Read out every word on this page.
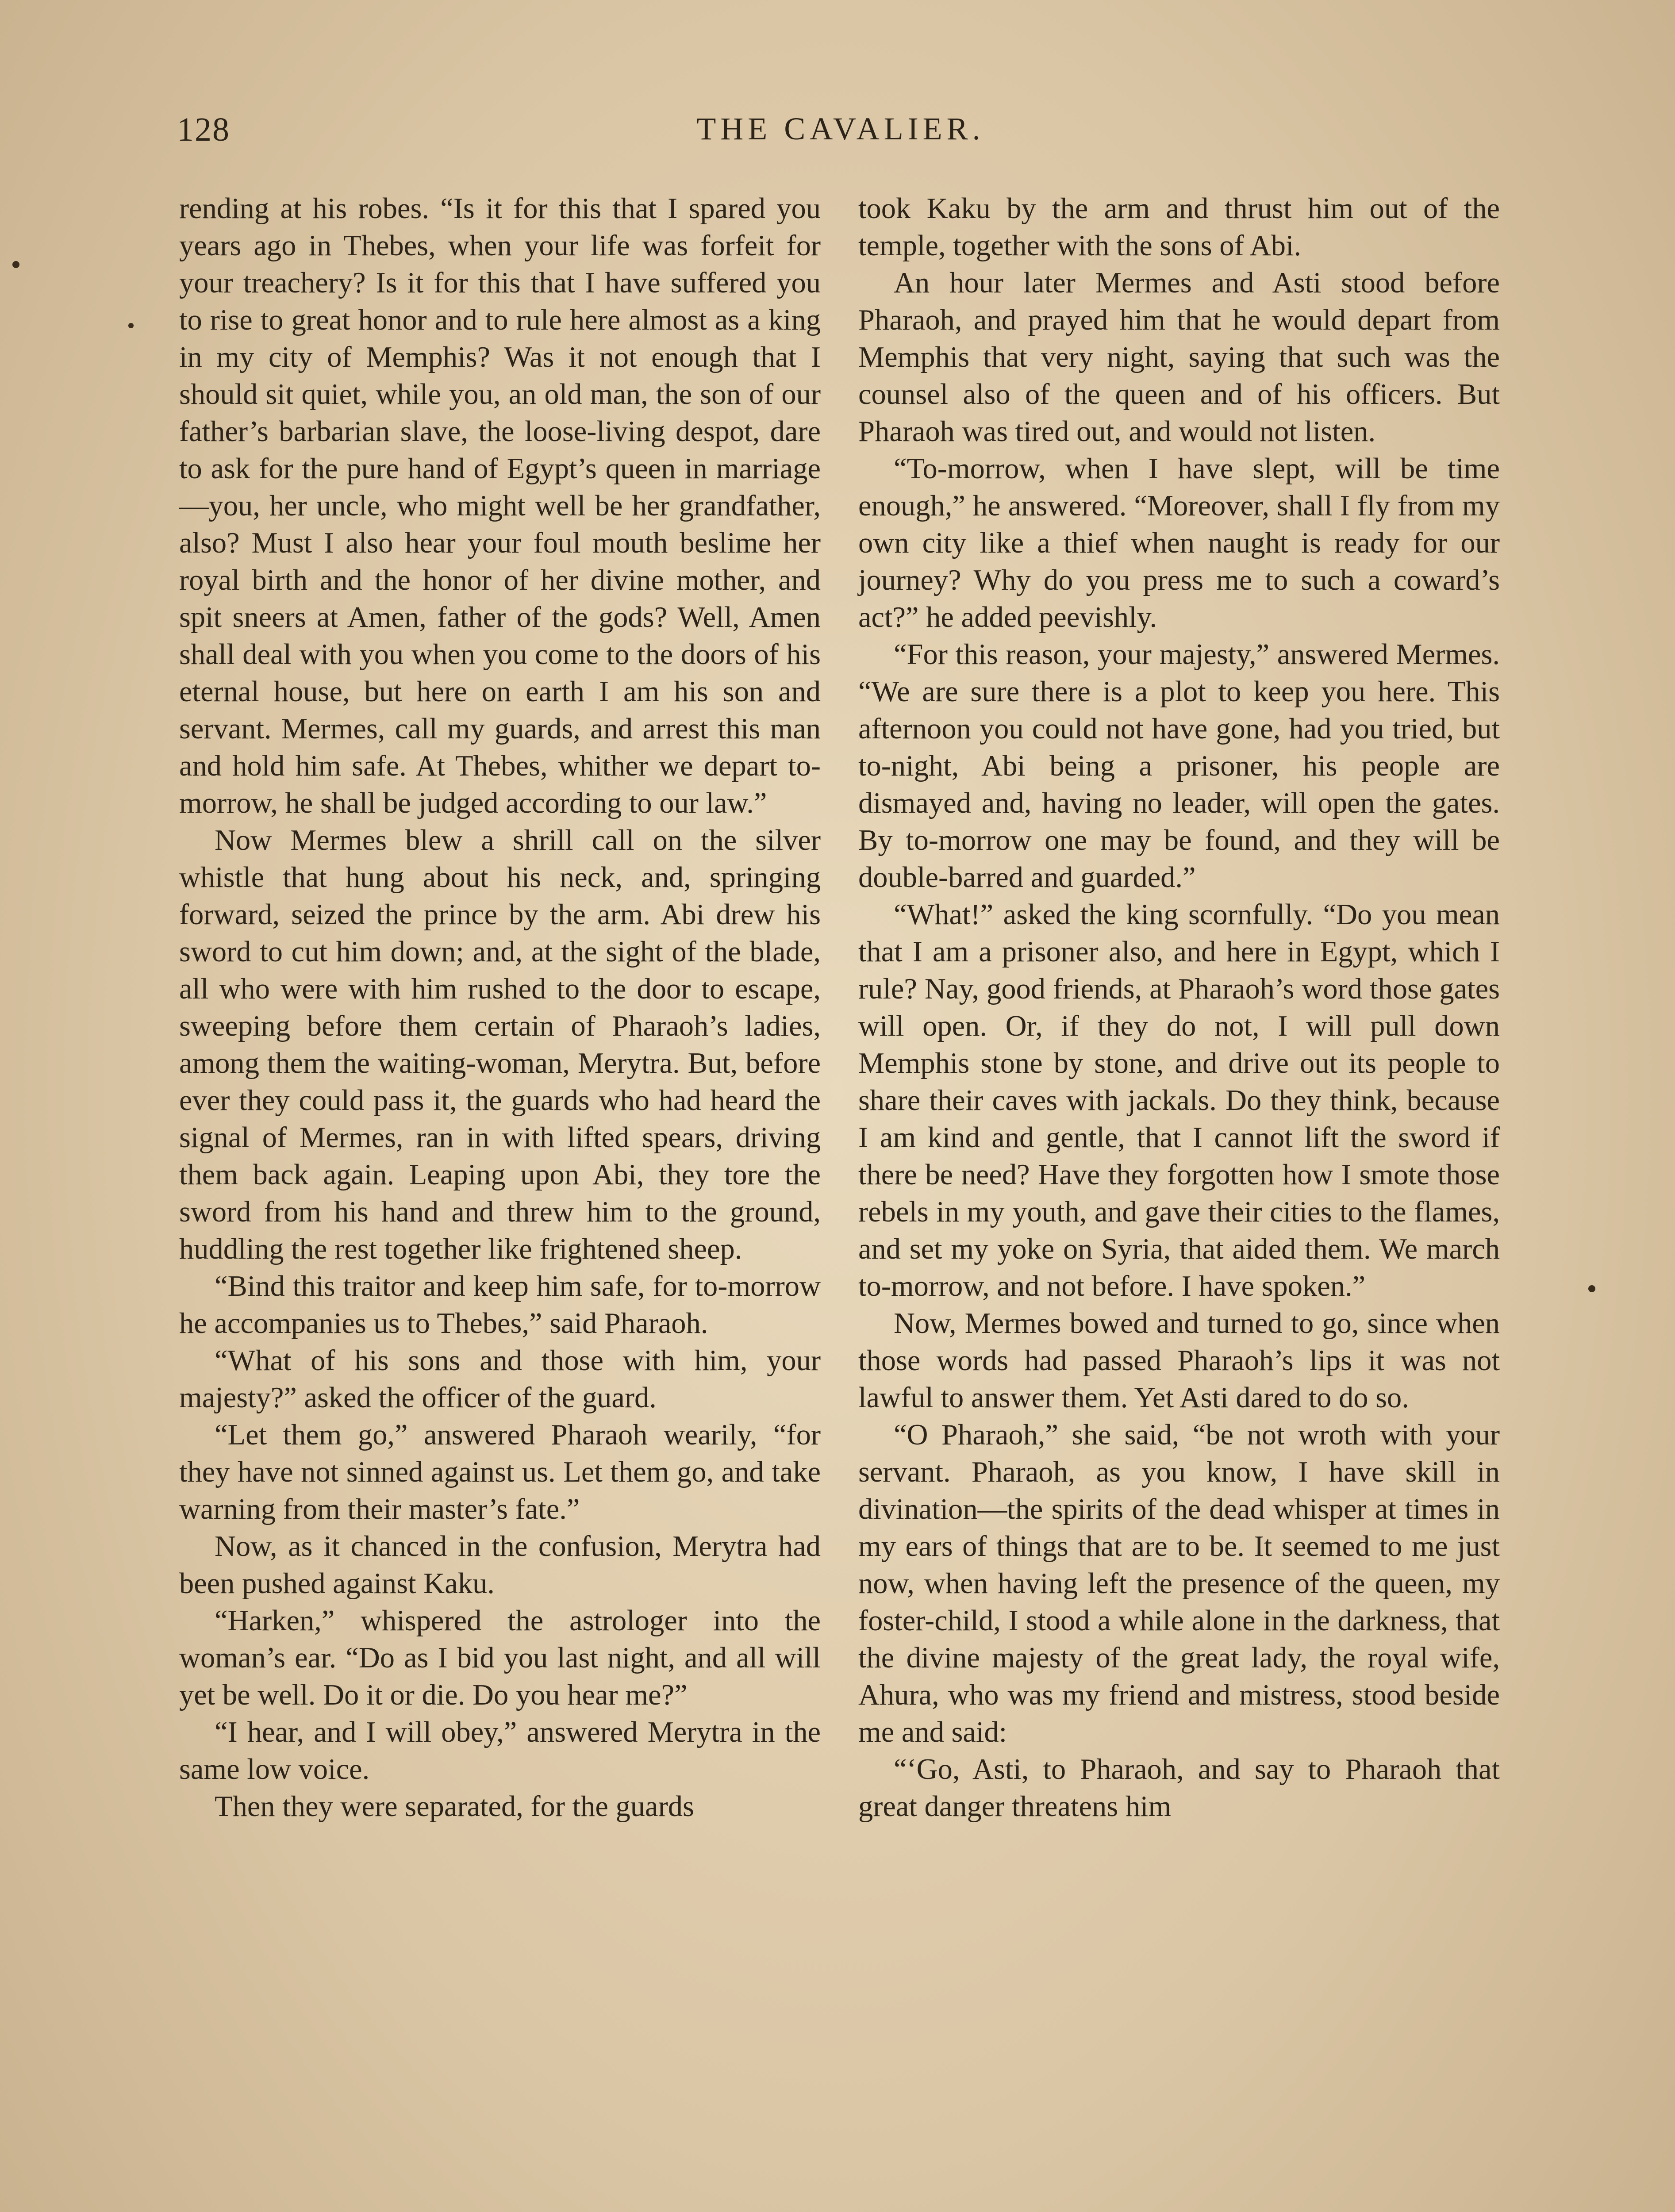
128	THE CAVALIER.

rending at his robes. “Is it for this that I spared you years ago in Thebes, when your life was forfeit for your treachery? Is it for this that I have suffered you to rise to great honor and to rule here almost as a king in my city of Memphis? Was it not enough that I should sit quiet, while you, an old man, the son of our father’s barbarian slave, the loose-living despot, dare to ask for the pure hand of Egypt’s queen in marriage—you, her uncle, who might well be her grandfather, also? Must I also hear your foul mouth beslime her royal birth and the honor of her divine mother, and spit sneers at Amen, father of the gods? Well, Amen shall deal with you when you come to the doors of his eternal house, but here on earth I am his son and servant. Mermes, call my guards, and arrest this man and hold him safe. At Thebes, whither we depart to-morrow, he shall be judged according to our law.”

Now Mermes blew a shrill call on the silver whistle that hung about his neck, and, springing forward, seized the prince by the arm. Abi drew his sword to cut him down; and, at the sight of the blade, all who were with him rushed to the door to escape, sweeping before them certain of Pharaoh’s ladies, among them the waiting-woman, Merytra. But, before ever they could pass it, the guards who had heard the signal of Mermes, ran in with lifted spears, driving them back again. Leaping upon Abi, they tore the sword from his hand and threw him to the ground, huddling the rest together like frightened sheep.

“Bind this traitor and keep him safe, for to-morrow he accompanies us to Thebes,” said Pharaoh.

“What of his sons and those with him, your majesty?” asked the officer of the guard.

“Let them go,” answered Pharaoh wearily, “for they have not sinned against us. Let them go, and take warning from their master’s fate.”

Now, as it chanced in the confusion, Merytra had been pushed against Kaku.

“Harken,” whispered the astrologer into the woman’s ear. “Do as I bid you last night, and all will yet be well. Do it or die. Do you hear me?”

“I hear, and I will obey,” answered Merytra in the same low voice.

Then they were separated, for the guards

took Kaku by the arm and thrust him out of the temple, together with the sons of Abi.

An hour later Mermes and Asti stood before Pharaoh, and prayed him that he would depart from Memphis that very night, saying that such was the counsel also of the queen and of his officers. But Pharaoh was tired out, and would not listen.

“To-morrow, when I have slept, will be time enough,” he answered. “Moreover, shall I fly from my own city like a thief when naught is ready for our journey? Why do you press me to such a coward’s act?” he added peevishly.

“For this reason, your majesty,” answered Mermes. “We are sure there is a plot to keep you here. This afternoon you could not have gone, had you tried, but to-night, Abi being a prisoner, his people are dismayed and, having no leader, will open the gates. By to-morrow one may be found, and they will be double-barred and guarded.”

“What!” asked the king scornfully. “Do you mean that I am a prisoner also, and here in Egypt, which I rule? Nay, good friends, at Pharaoh’s word those gates will open. Or, if they do not, I will pull down Memphis stone by stone, and drive out its people to share their caves with jackals. Do they think, because I am kind and gentle, that I cannot lift the sword if there be need? Have they forgotten how I smote those rebels in my youth, and gave their cities to the flames, and set my yoke on Syria, that aided them. We march to-morrow, and not before. I have spoken.”

Now, Mermes bowed and turned to go, since when those words had passed Pharaoh’s lips it was not lawful to answer them. Yet Asti dared to do so.

“O Pharaoh,” she said, “be not wroth with your servant. Pharaoh, as you know, I have skill in divination—the spirits of the dead whisper at times in my ears of things that are to be. It seemed to me just now, when having left the presence of the queen, my foster-child, I stood a while alone in the darkness, that the divine majesty of the great lady, the royal wife, Ahura, who was my friend and mistress, stood beside me and said:

“‘Go, Asti, to Pharaoh, and say to Pharaoh that great danger threatens him
